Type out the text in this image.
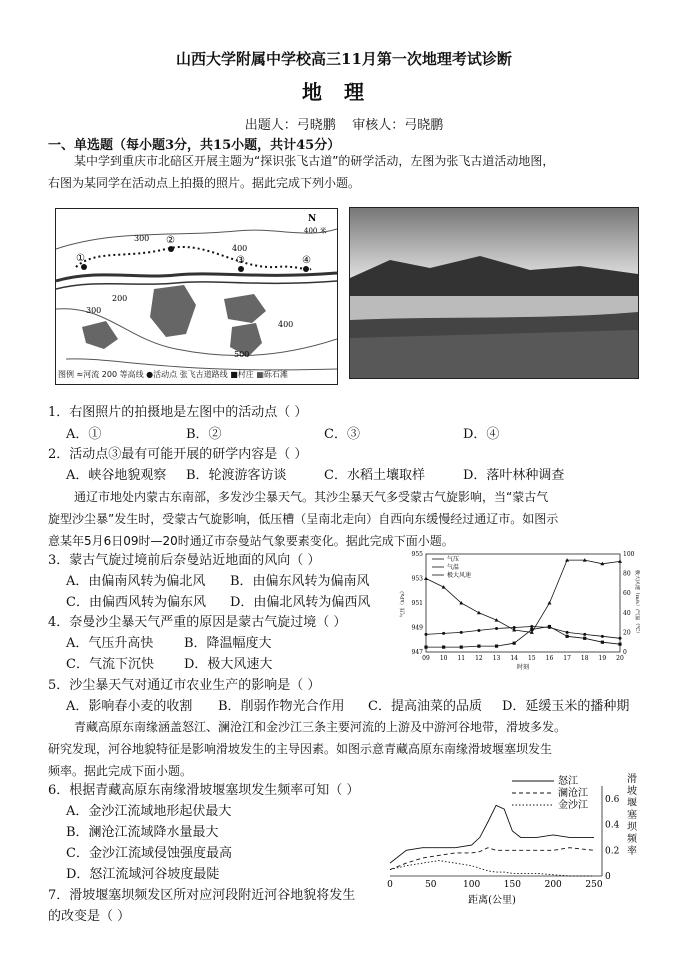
山西大学附属中学校高三11月第一次地理考试诊断
地理
出题人：弓晓鹏 审核人：弓晓鹏
一、单选题（每小题3分，共15小题，共计45分）
某中学到重庆市北碚区开展主题为“探识张飞古道”的研学活动，左图为张飞古道活动地图，
右图为某同学在活动点上拍摄的照片。据此完成下列小题。
①
②
③	④
300
400
200
300
400
500
N
400 米
图例 ≈河流 200 等高线 ●活动点 张飞古道路线 ■村庄 ▦砾石滩
1．右图照片的拍摄地是左图中的活动点（ ）
A．①	B．②	C．③	D．④
2．活动点③最有可能开展的研学内容是（ ）
A．峡谷地貌观察 B．轮渡游客访谈	C．水稻土壤取样	D．落叶林种调查
通辽市地处内蒙古东南部，多发沙尘暴天气。其沙尘暴天气多受蒙古气旋影响，当“蒙古气
旋型沙尘暴”发生时，受蒙古气旋影响，低压槽（呈南北走向）自西向东缓慢经过通辽市。如图示
意某年5月6日09时—20时通辽市奈曼站气象要素变化。据此完成下面小题。
3．蒙古气旋过境前后奈曼站近地面的风向（ ）
A．由偏南风转为偏北风 B．由偏东风转为偏南风
C．由偏西风转为偏东风 D．由偏北风转为偏西风
4．奈曼沙尘暴天气严重的原因是蒙古气旋过境（ ）
A．气压升高快 B．降温幅度大
C．气流下沉快 D．极大风速大
947
949
951
953
955
0
20
40
60
80
100
09 10 11 12 13 14 15 16 17 18 19 20
时刻
气压（hPa）	极大风速（m/s）/气温（℃）
气压
气温
极大风速
5．沙尘暴天气对通辽市农业生产的影响是（ ）
A．影响春小麦的收割 B．削弱作物光合作用 C．提高油菜的品质 D．延缓玉米的播种期
青藏高原东南缘涵盖怒江、澜沧江和金沙江三条主要河流的上游及中游河谷地带，滑坡多发。
研究发现，河谷地貌特征是影响滑坡发生的主导因素。如图示意青藏高原东南缘滑坡堰塞坝发生
频率。据此完成下面小题。
6．根据青藏高原东南缘滑坡堰塞坝发生频率可知（ ）
A．金沙江流域地形起伏最大
B．澜沧江流域降水量最大
C．金沙江流域侵蚀强度最高
D．怒江流域河谷坡度最陡
7．滑坡堰塞坝频发区所对应河段附近河谷地貌将发生
的改变是（ ）
0	50	100	150	200	250
0
0.2
0.4
0.6
距离(公里)
滑坡堰塞坝频率
怒江
澜沧江
金沙江
